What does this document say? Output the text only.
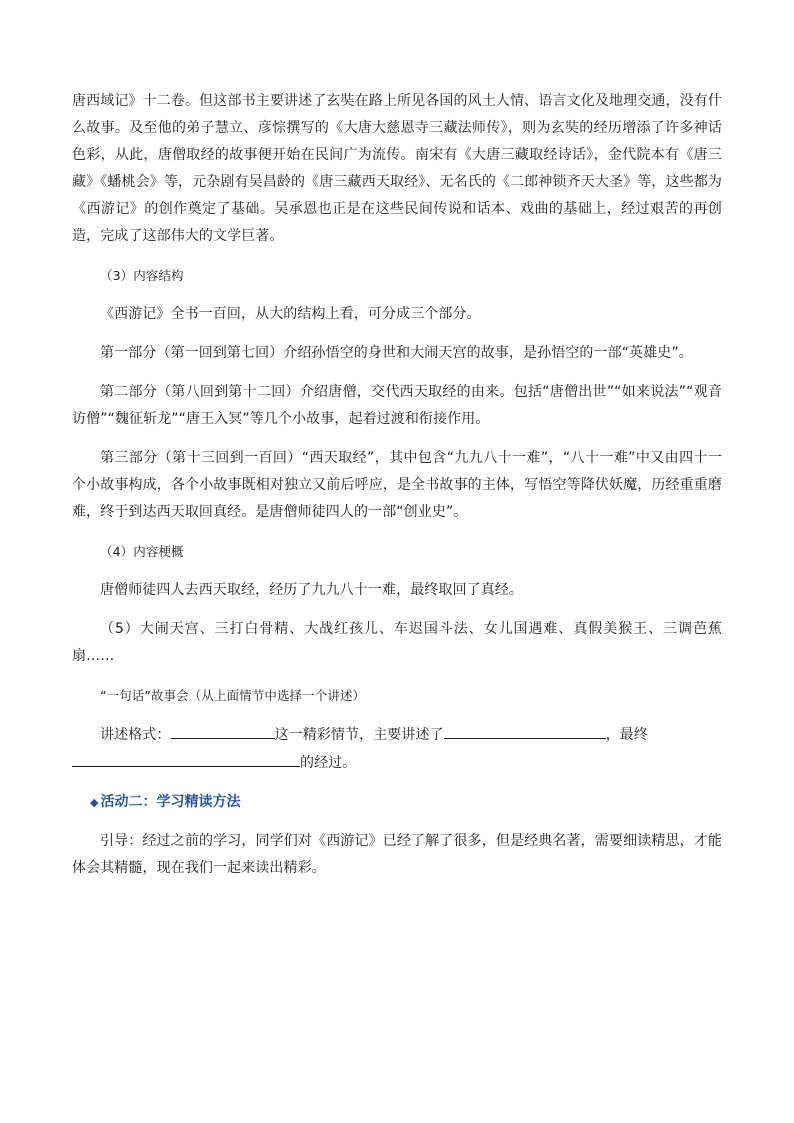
唐西域记》十二卷。但这部书主要讲述了玄奘在路上所见各国的风土人情、语言文化及地理交通，没有什么故事。及至他的弟子慧立、彦悰撰写的《大唐大慈恩寺三藏法师传》，则为玄奘的经历增添了许多神话色彩，从此，唐僧取经的故事便开始在民间广为流传。南宋有《大唐三藏取经诗话》，金代院本有《唐三藏》《蟠桃会》等，元杂剧有吴昌龄的《唐三藏西天取经》、无名氏的《二郎神锁齐天大圣》等，这些都为《西游记》的创作奠定了基础。吴承恩也正是在这些民间传说和话本、戏曲的基础上，经过艰苦的再创造，完成了这部伟大的文学巨著。

（3）内容结构

《西游记》全书一百回，从大的结构上看，可分成三个部分。

第一部分（第一回到第七回）介绍孙悟空的身世和大闹天宫的故事，是孙悟空的一部“英雄史”。

第二部分（第八回到第十二回）介绍唐僧，交代西天取经的由来。包括“唐僧出世”“如来说法”“观音访僧”“魏征斩龙”“唐王入冥”等几个小故事，起着过渡和衔接作用。

第三部分（第十三回到一百回）“西天取经”，其中包含“九九八十一难”，“八十一难”中又由四十一个小故事构成，各个小故事既相对独立又前后呼应，是全书故事的主体，写悟空等降伏妖魔，历经重重磨难，终于到达西天取回真经。是唐僧师徒四人的一部“创业史”。

（4）内容梗概

唐僧师徒四人去西天取经，经历了九九八十一难，最终取回了真经。

（5）大闹天宫、三打白骨精、大战红孩儿、车迟国斗法、女儿国遇难、真假美猴王、三调芭蕉扇……

“一句话”故事会（从上面情节中选择一个讲述）

讲述格式：	这一精彩情节，主要讲述了	，最终
的经过。

◆ 活动二：学习精读方法

引导：经过之前的学习，同学们对《西游记》已经了解了很多，但是经典名著，需要细读精思，才能体会其精髓，现在我们一起来读出精彩。
